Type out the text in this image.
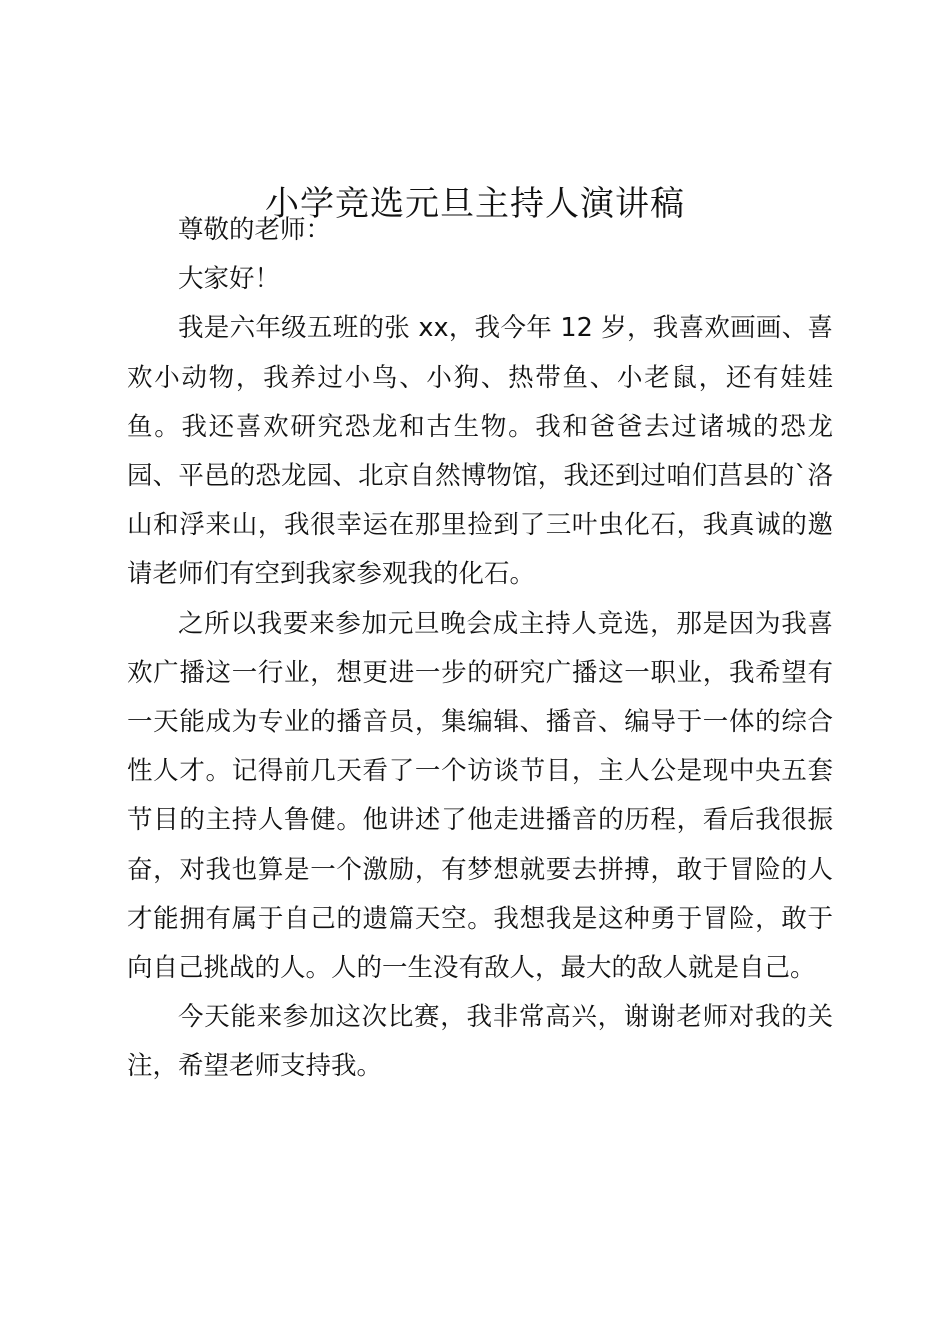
小学竞选元旦主持人演讲稿

尊敬的老师：

大家好！

我是六年级五班的张 xx，我今年 12 岁，我喜欢画画、喜欢小动物，我养过小鸟、小狗、热带鱼、小老鼠，还有娃娃鱼。我还喜欢研究恐龙和古生物。我和爸爸去过诸城的恐龙园、平邑的恐龙园、北京自然博物馆，我还到过咱们莒县的`洛山和浮来山，我很幸运在那里捡到了三叶虫化石，我真诚的邀请老师们有空到我家参观我的化石。

之所以我要来参加元旦晚会成主持人竞选，那是因为我喜欢广播这一行业，想更进一步的研究广播这一职业，我希望有一天能成为专业的播音员，集编辑、播音、编导于一体的综合性人才。记得前几天看了一个访谈节目，主人公是现中央五套节目的主持人鲁健。他讲述了他走进播音的历程，看后我很振奋，对我也算是一个激励，有梦想就要去拼搏，敢于冒险的人才能拥有属于自己的遗篇天空。我想我是这种勇于冒险，敢于向自己挑战的人。人的一生没有敌人，最大的敌人就是自己。

今天能来参加这次比赛，我非常高兴，谢谢老师对我的关注，希望老师支持我。
